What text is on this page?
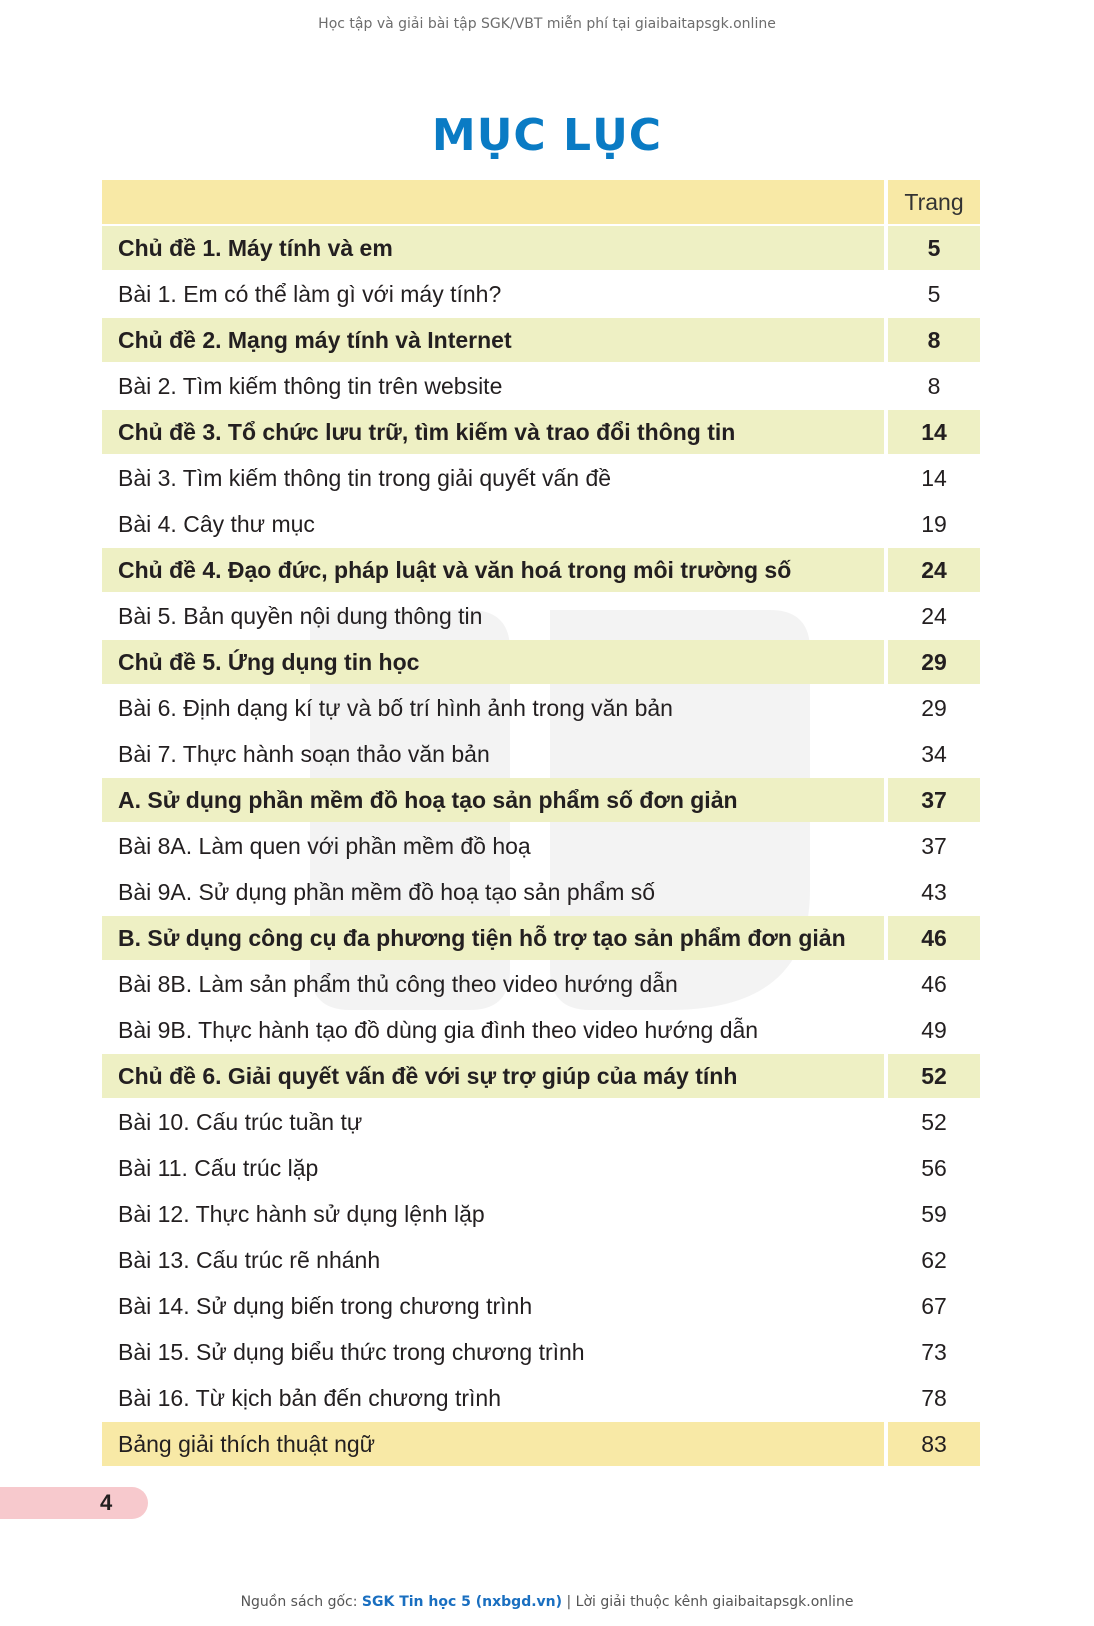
Học tập và giải bài tập SGK/VBT miễn phí tại giaibaitapsgk.online
MỤC LỤC
Trang
Chủ đề 1. Máy tính và em	5
Bài 1. Em có thể làm gì với máy tính?	5
Chủ đề 2. Mạng máy tính và Internet	8
Bài 2. Tìm kiếm thông tin trên website	8
Chủ đề 3. Tổ chức lưu trữ, tìm kiếm và trao đổi thông tin	14
Bài 3. Tìm kiếm thông tin trong giải quyết vấn đề	14
Bài 4. Cây thư mục	19
Chủ đề 4. Đạo đức, pháp luật và văn hoá trong môi trường số	24
Bài 5. Bản quyền nội dung thông tin	24
Chủ đề 5. Ứng dụng tin học	29
Bài 6. Định dạng kí tự và bố trí hình ảnh trong văn bản	29
Bài 7. Thực hành soạn thảo văn bản	34
A. Sử dụng phần mềm đồ hoạ tạo sản phẩm số đơn giản	37
Bài 8A. Làm quen với phần mềm đồ hoạ	37
Bài 9A. Sử dụng phần mềm đồ hoạ tạo sản phẩm số	43
B. Sử dụng công cụ đa phương tiện hỗ trợ tạo sản phẩm đơn giản	46
Bài 8B. Làm sản phẩm thủ công theo video hướng dẫn	46
Bài 9B. Thực hành tạo đồ dùng gia đình theo video hướng dẫn	49
Chủ đề 6. Giải quyết vấn đề với sự trợ giúp của máy tính	52
Bài 10. Cấu trúc tuần tự	52
Bài 11. Cấu trúc lặp	56
Bài 12. Thực hành sử dụng lệnh lặp	59
Bài 13. Cấu trúc rẽ nhánh	62
Bài 14. Sử dụng biến trong chương trình	67
Bài 15. Sử dụng biểu thức trong chương trình	73
Bài 16. Từ kịch bản đến chương trình	78
Bảng giải thích thuật ngữ	83
4
Nguồn sách gốc: SGK Tin học 5 (nxbgd.vn) | Lời giải thuộc kênh giaibaitapsgk.online
